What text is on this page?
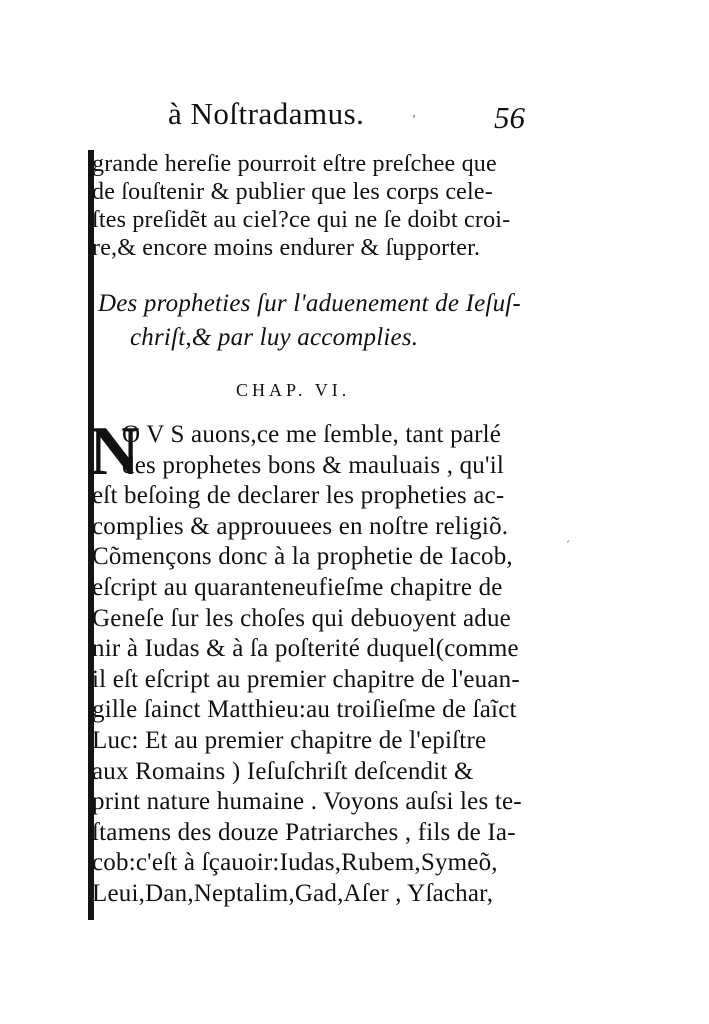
à Noſtradamus.	56
ʼ
ˊ
grande hereſie pourroit eſtre preſchee que
de ſouſtenir & publier que les corps cele-
ſtes preſidẽt au ciel?ce qui ne ſe doibt croi-
re,& encore moins endurer & ſupporter.
Des propheties ſur l'aduenement de Ieſuſ-
chriſt,& par luy accomplies.
CHAP. VI.
N
O V S auons,ce me ſemble, tant parlé
des prophetes bons & mauluais , qu'il
eſt beſoing de declarer les propheties ac-
complies & approuuees en noſtre religiõ.
Cõmençons donc à la prophetie de Iacob,
eſcript au quaranteneufieſme chapitre de
Geneſe ſur les choſes qui debuoyent adue
nir à Iudas & à ſa poſterité duquel(comme
il eſt eſcript au premier chapitre de l'euan-
gille ſainct Matthieu:au troiſieſme de ſaĩct
Luc: Et au premier chapitre de l'epiſtre
aux Romains ) Ieſuſchriſt deſcendit &
print nature humaine . Voyons auſsi les te-
ſtamens des douze Patriarches , fils de Ia-
cob:c'eſt à ſçauoir:Iudas,Rubem,Symeõ,
Leui,Dan,Neptalim,Gad,Aſer , Yſachar,
